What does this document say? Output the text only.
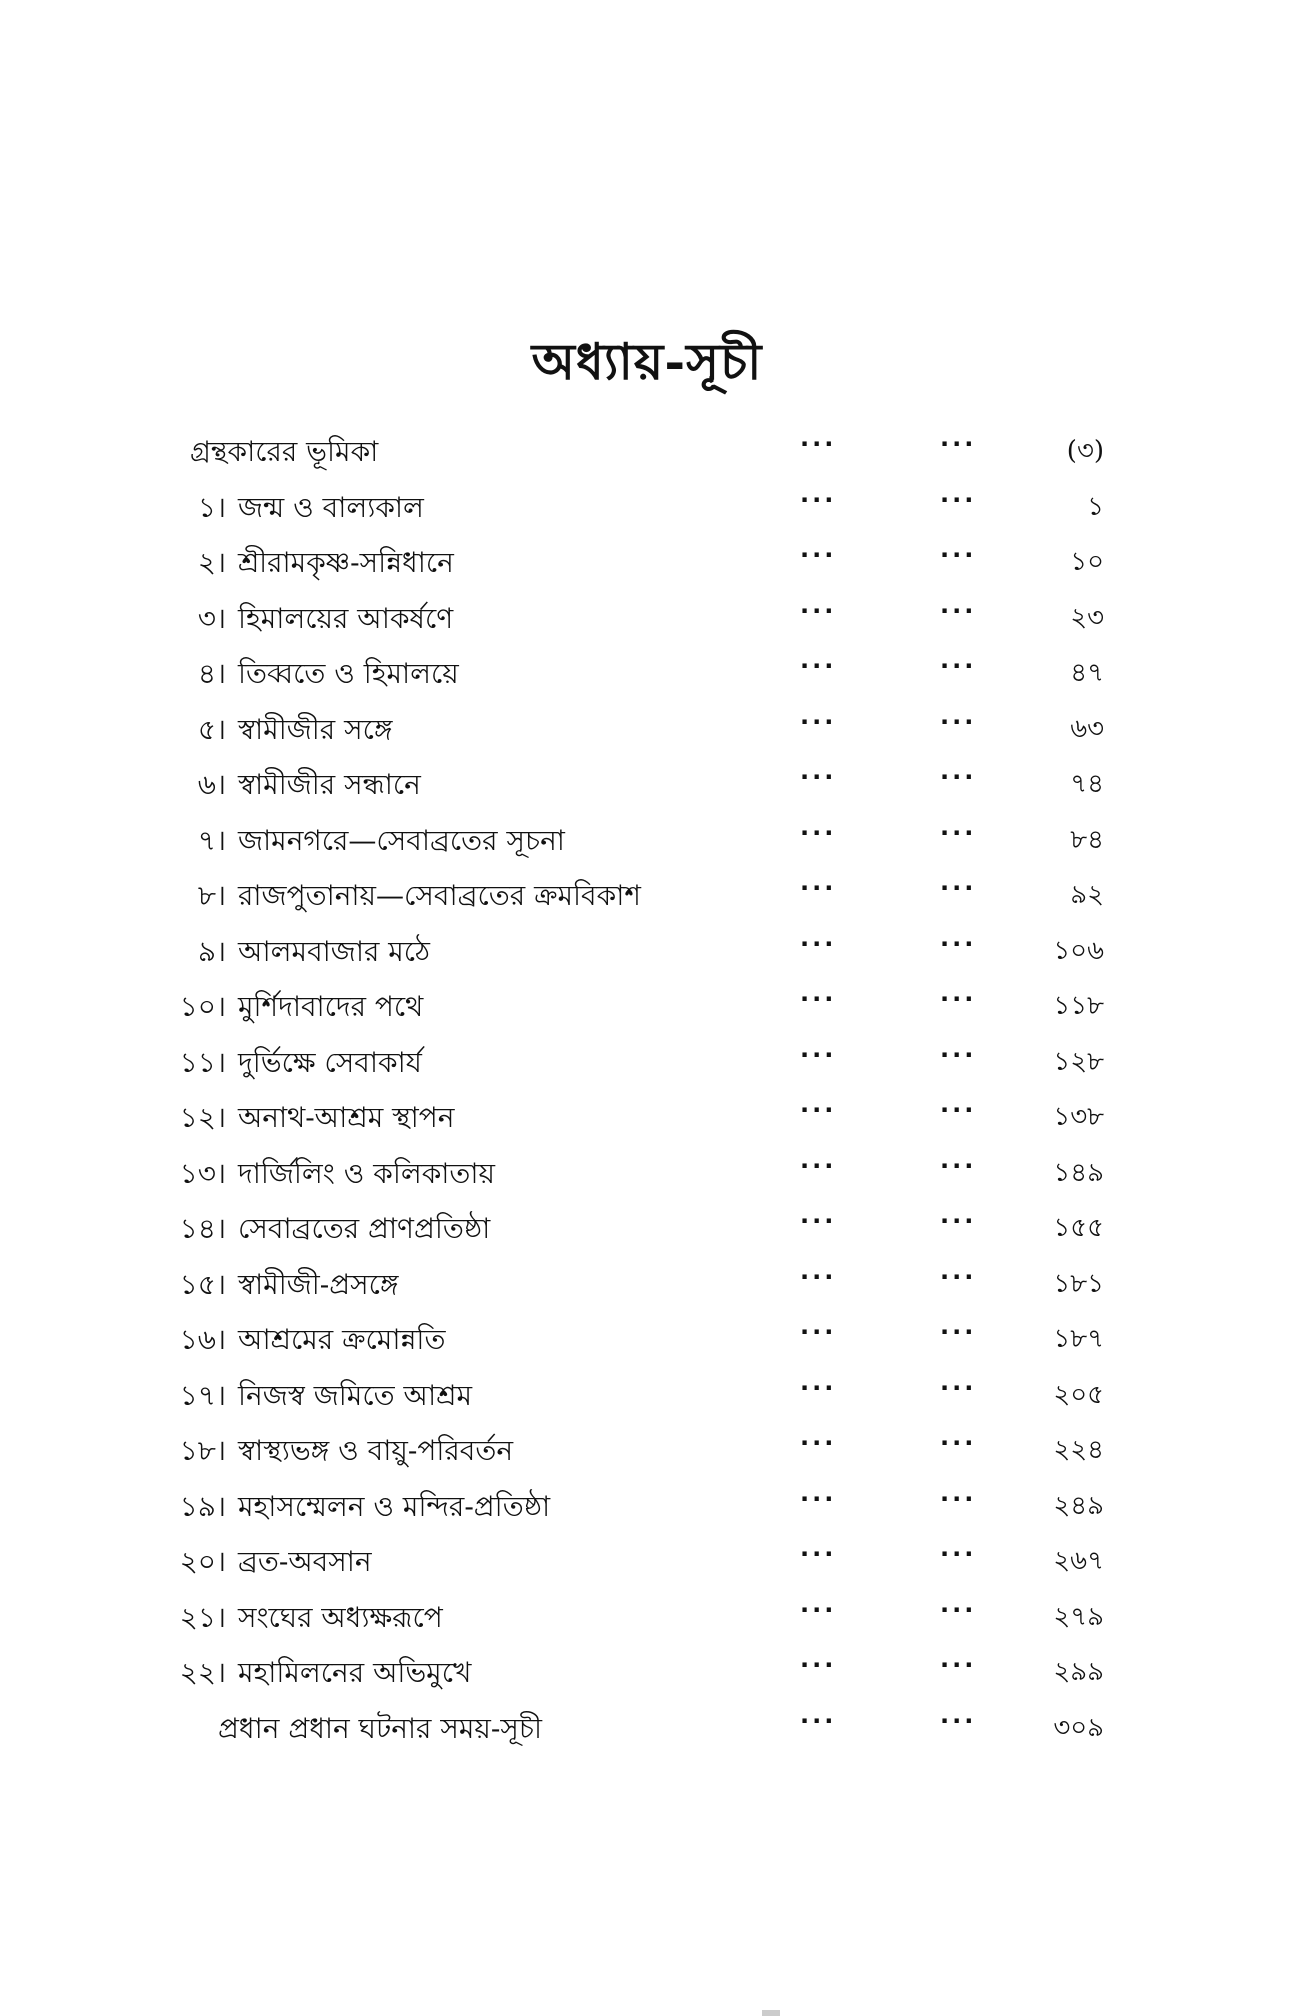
অধ্যায়-সূচী
গ্রন্থকারের ভূমিকা	···	···	(৩)
১। জন্ম ও বাল্যকাল	···	···	১
২। শ্রীরামকৃষ্ণ-সন্নিধানে	···	···	১০
৩। হিমালয়ের আকর্ষণে	···	···	২৩
৪। তিব্বতে ও হিমালয়ে	···	···	৪৭
৫। স্বামীজীর সঙ্গে	···	···	৬৩
৬। স্বামীজীর সন্ধানে	···	···	৭৪
৭। জামনগরে—সেবাব্রতের সূচনা	···	···	৮৪
৮। রাজপুতানায়—সেবাব্রতের ক্রমবিকাশ	···	···	৯২
৯। আলমবাজার মঠে	···	···	১০৬
১০। মুর্শিদাবাদের পথে	···	···	১১৮
১১। দুর্ভিক্ষে সেবাকার্য	···	···	১২৮
১২। অনাথ-আশ্রম স্থাপন	···	···	১৩৮
১৩। দার্জিলিং ও কলিকাতায়	···	···	১৪৯
১৪। সেবাব্রতের প্রাণপ্রতিষ্ঠা	···	···	১৫৫
১৫। স্বামীজী-প্রসঙ্গে	···	···	১৮১
১৬। আশ্রমের ক্রমোন্নতি	···	···	১৮৭
১৭। নিজস্ব জমিতে আশ্রম	···	···	২০৫
১৮। স্বাস্থ্যভঙ্গ ও বায়ু-পরিবর্তন	···	···	২২৪
১৯। মহাসম্মেলন ও মন্দির-প্রতিষ্ঠা	···	···	২৪৯
২০। ব্রত-অবসান	···	···	২৬৭
২১। সংঘের অধ্যক্ষরূপে	···	···	২৭৯
২২। মহামিলনের অভিমুখে	···	···	২৯৯
প্রধান প্রধান ঘটনার সময়-সূচী	···	···	৩০৯
